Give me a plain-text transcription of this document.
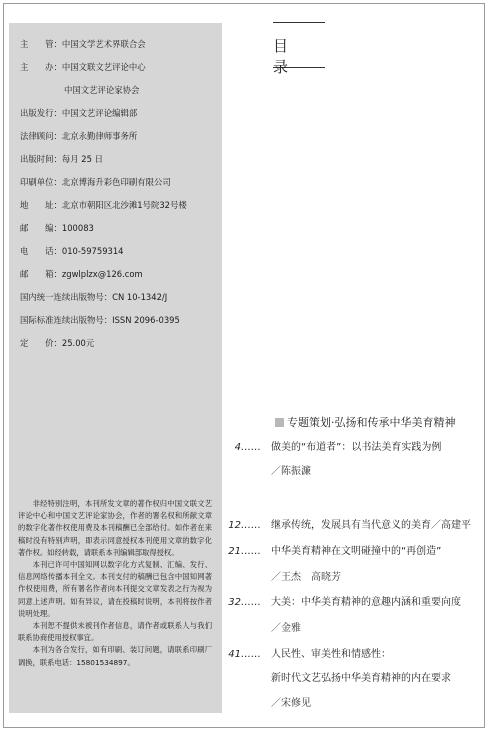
主　　管：中国文学艺术界联合会
主　　办：中国文联文艺评论中心
中国文艺评论家协会
出版发行：中国文艺评论编辑部
法律顾问：北京永勤律师事务所
出版时间：每月 25 日
印刷单位：北京博海升彩色印刷有限公司
地　　址：北京市朝阳区北沙滩1号院32号楼
邮　　编：100083
电　　话：010-59759314
邮　　箱：zgwlplzx@126.com
国内统一连续出版物号：CN 10-1342/J
国际标准连续出版物号：ISSN 2096-0395
定　　价：25.00元

非经特别注明，本刊所发文章的著作权归中国文联文艺评论中心和中国文艺评论家协会，作者的署名权和所献文章的数字化著作权使用费及本刊稿酬已全部给付。如作者在来稿时没有特别声明，即表示同意授权本刊使用文章的数字化著作权。如经转载，请联系本刊编辑部取得授权。

本刊已许可中国知网以数字化方式复制、汇编、发行、信息网络传播本刊全文。本刊支付的稿酬已包含中国知网著作权使用费，所有署名作者向本刊提交文章发表之行为视为同意上述声明。如有异议，请在投稿时说明，本刊将按作者说明处理。

本刊恕不提供未被刊作者信息，请作者或联系人与我们联系协商使用授权事宜。

本刊为各合发行，如有印刷、装订问题，请联系印刷厂调换，联系电话：15801534897。

目录
专题策划·弘扬和传承中华美育精神
4…… 做美的“布道者”：以书法美育实践为例
／陈振濂
12…… 继承传统，发展具有当代意义的美育／高建平
21…… 中华美育精神在文明碰撞中的“再创造”
／王杰　高晓芳
32…… 大美：中华美育精神的意趣内涵和重要向度
／金雅
41…… 人民性、审美性和情感性：
新时代文艺弘扬中华美育精神的内在要求
／宋修见
